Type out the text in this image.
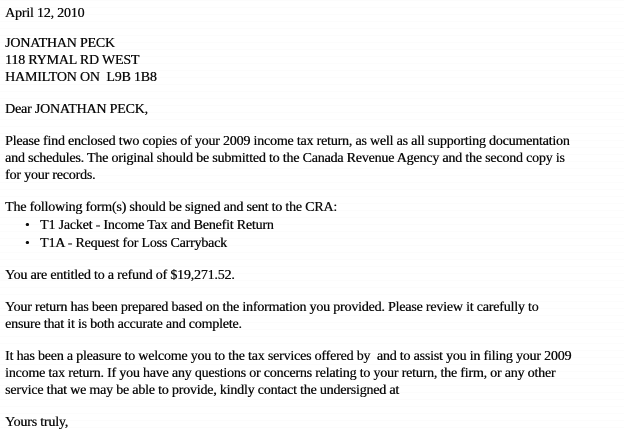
April 12, 2010
JONATHAN PECK
118 RYMAL RD WEST
HAMILTON ON  L9B 1B8
Dear JONATHAN PECK,
Please find enclosed two copies of your 2009 income tax return, as well as all supporting documentation
and schedules. The original should be submitted to the Canada Revenue Agency and the second copy is
for your records.
The following form(s) should be signed and sent to the CRA:
• T1 Jacket - Income Tax and Benefit Return
• T1A - Request for Loss Carryback
You are entitled to a refund of $19,271.52.
Your return has been prepared based on the information you provided. Please review it carefully to
ensure that it is both accurate and complete.
It has been a pleasure to welcome you to the tax services offered by  and to assist you in filing your 2009
income tax return. If you have any questions or concerns relating to your return, the firm, or any other
service that we may be able to provide, kindly contact the undersigned at
Yours truly,
